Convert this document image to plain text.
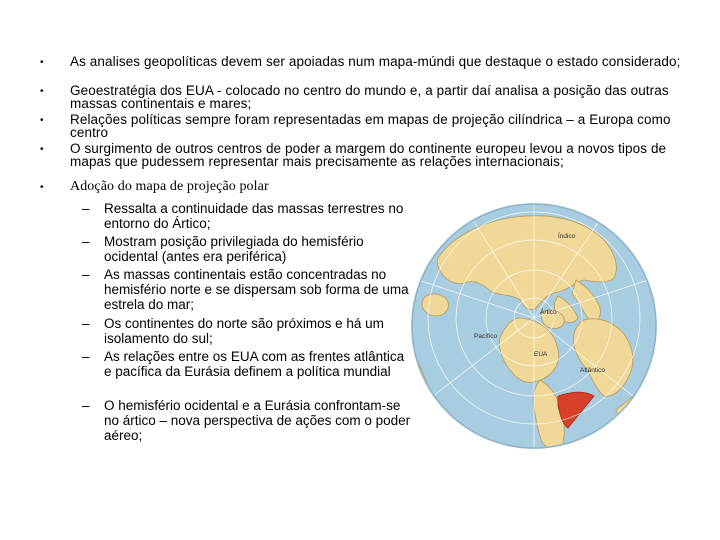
• As analises geopolíticas devem ser apoiadas num mapa-múndi que destaque o estado considerado;
• Geoestratégia dos EUA - colocado no centro do mundo e, a partir daí analisa a posição das outras massas continentais e mares;
• Relações políticas sempre foram representadas em mapas de projeção cilíndrica – a Europa como centro
• O surgimento de outros centros de poder a margem do continente europeu levou a novos tipos de mapas que pudessem representar mais precisamente as relações internacionais;
• Adoção do mapa de projeção polar
– Ressalta a continuidade das massas terrestres no entorno do Ártico;
– Mostram posição privilegiada do hemisfério ocidental (antes era periférica)
– As massas continentais estão concentradas no hemisfério norte e se dispersam sob forma de uma estrela do mar;
– Os continentes do norte são próximos e há um isolamento do sul;
– As relações entre os EUA com as frentes atlântica e pacífica da Eurásia definem a política mundial
– O hemisfério ocidental e a Eurásia confrontam-se no ártico – nova perspectiva de ações com o poder aéreo;
Índico
Ártico
Pacífico
EUA
Atlântico
